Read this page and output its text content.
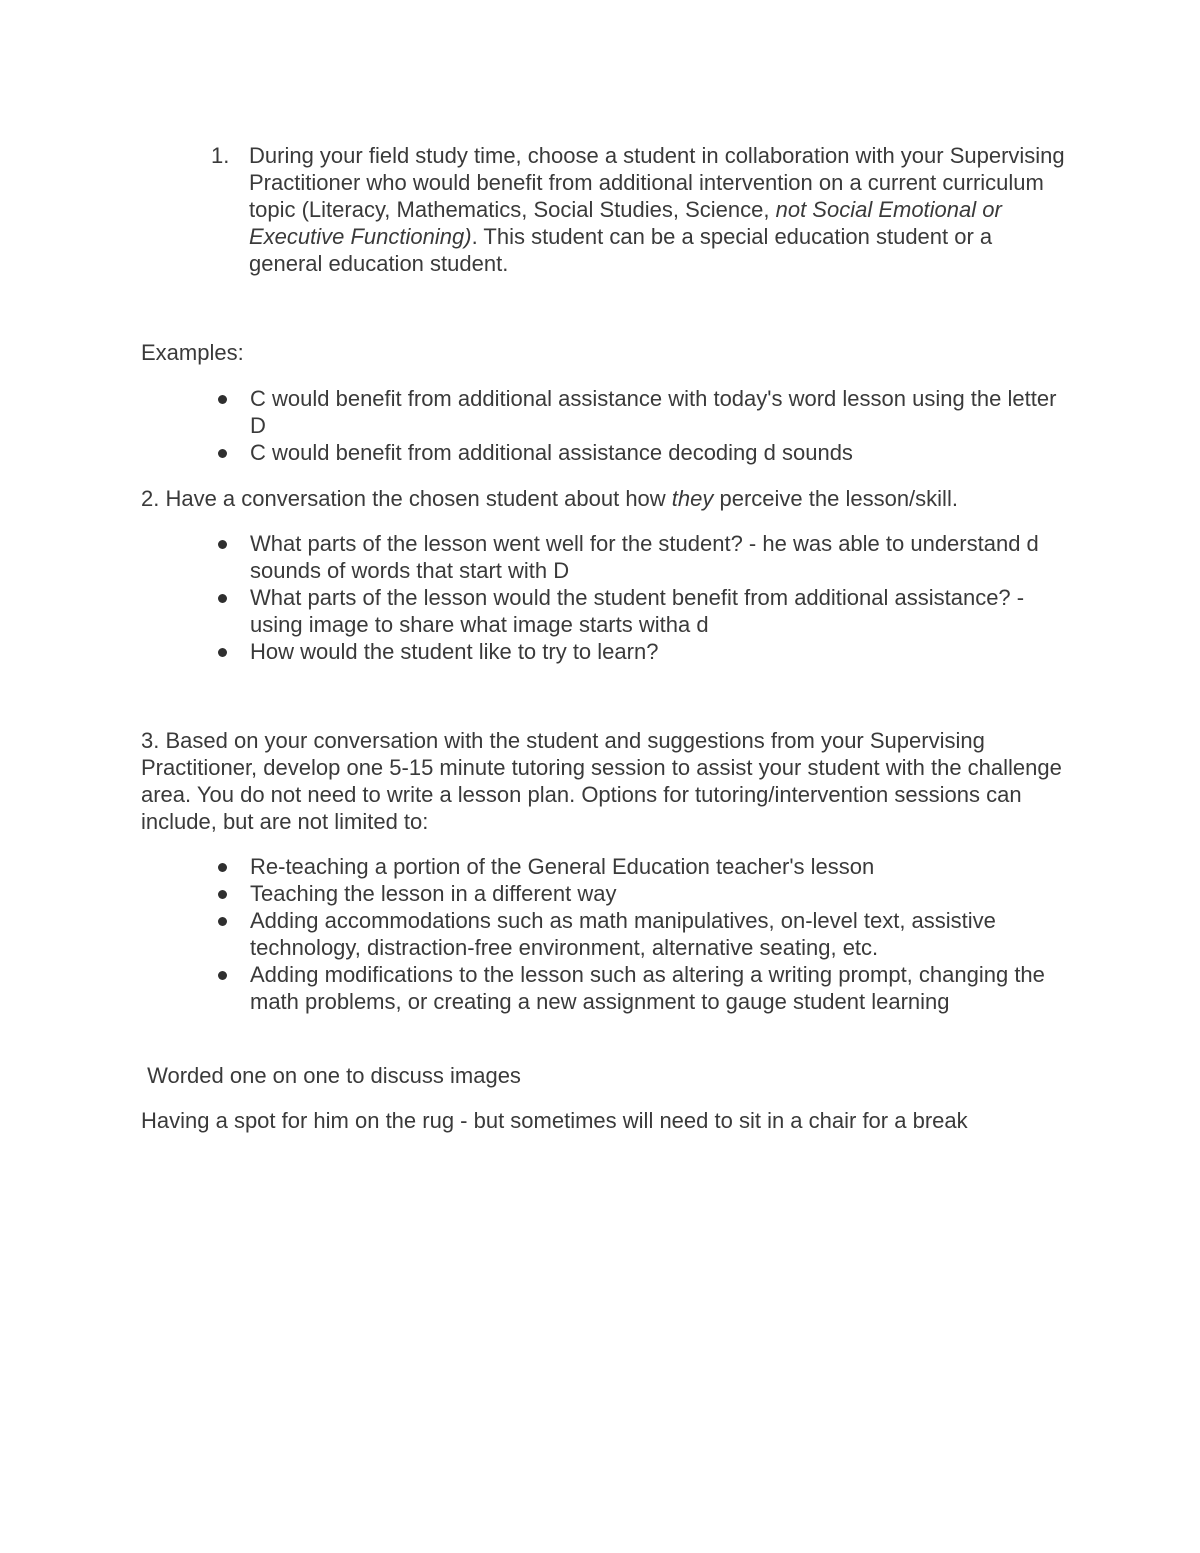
1. During your field study time, choose a student in collaboration with your Supervising Practitioner who would benefit from additional intervention on a current curriculum topic (Literacy, Mathematics, Social Studies, Science, not Social Emotional or Executive Functioning). This student can be a special education student or a general education student.

Examples:

C would benefit from additional assistance with today's word lesson using the letter D
C would benefit from additional assistance decoding d sounds

2. Have a conversation the chosen student about how they perceive the lesson/skill.

What parts of the lesson went well for the student? - he was able to understand d sounds of words that start with D
What parts of the lesson would the student benefit from additional assistance? - using image to share what image starts witha d
How would the student like to try to learn?

3. Based on your conversation with the student and suggestions from your Supervising Practitioner, develop one 5-15 minute tutoring session to assist your student with the challenge area. You do not need to write a lesson plan. Options for tutoring/intervention sessions can include, but are not limited to:

Re-teaching a portion of the General Education teacher's lesson
Teaching the lesson in a different way
Adding accommodations such as math manipulatives, on-level text, assistive technology, distraction-free environment, alternative seating, etc.
Adding modifications to the lesson such as altering a writing prompt, changing the math problems, or creating a new assignment to gauge student learning

Worded one on one to discuss images

Having a spot for him on the rug - but sometimes will need to sit in a chair for a break
